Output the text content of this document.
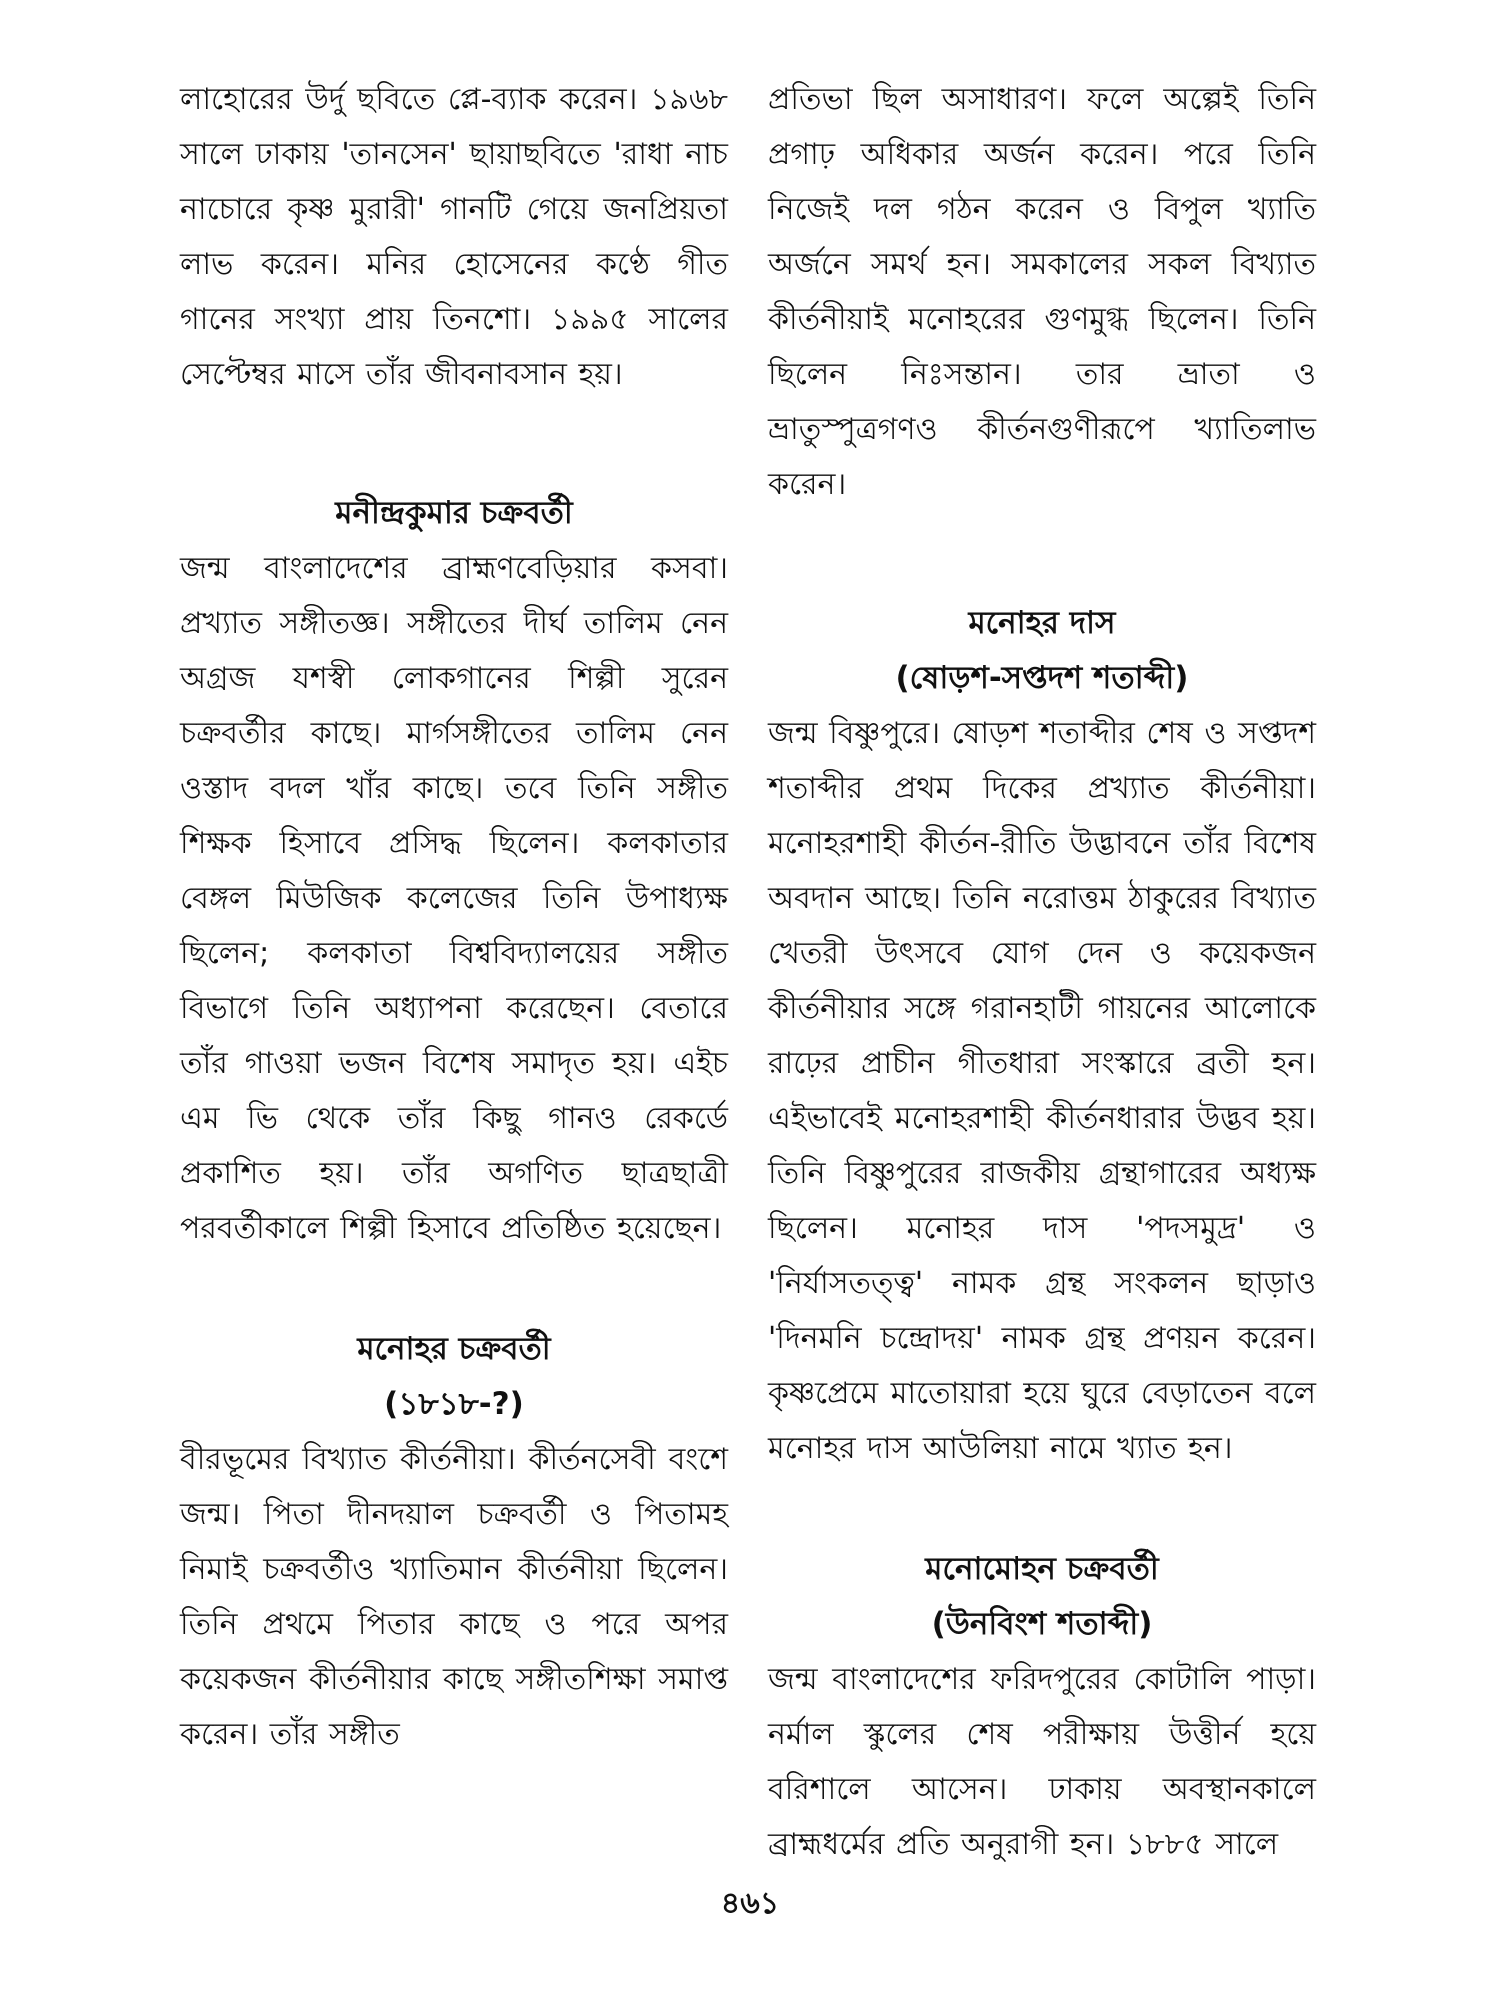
লাহোরের উর্দু ছবিতে প্লে-ব্যাক করেন। ১৯৬৮ সালে ঢাকায় 'তানসেন' ছায়াছবিতে 'রাধা নাচ নাচোরে কৃষ্ণ মুরারী' গানটি গেয়ে জনপ্রিয়তা লাভ করেন। মনির হোসেনের কণ্ঠে গীত গানের সংখ্যা প্রায় তিনশো। ১৯৯৫ সালের সেপ্টেম্বর মাসে তাঁর জীবনাবসান হয়।

মনীন্দ্রকুমার চক্রবর্তী

জন্ম বাংলাদেশের ব্রাহ্মণবেড়িয়ার কসবা। প্রখ্যাত সঙ্গীতজ্ঞ। সঙ্গীতের দীর্ঘ তালিম নেন অগ্রজ যশস্বী লোকগানের শিল্পী সুরেন চক্রবর্তীর কাছে। মার্গসঙ্গীতের তালিম নেন ওস্তাদ বদল খাঁর কাছে। তবে তিনি সঙ্গীত শিক্ষক হিসাবে প্রসিদ্ধ ছিলেন। কলকাতার বেঙ্গল মিউজিক কলেজের তিনি উপাধ্যক্ষ ছিলেন; কলকাতা বিশ্ববিদ্যালয়ের সঙ্গীত বিভাগে তিনি অধ্যাপনা করেছেন। বেতারে তাঁর গাওয়া ভজন বিশেষ সমাদৃত হয়। এইচ এম ভি থেকে তাঁর কিছু গানও রেকর্ডে প্রকাশিত হয়। তাঁর অগণিত ছাত্রছাত্রী পরবর্তীকালে শিল্পী হিসাবে প্রতিষ্ঠিত হয়েছেন।

মনোহর চক্রবর্তী
(১৮১৮-?)

বীরভূমের বিখ্যাত কীর্তনীয়া। কীর্তনসেবী বংশে জন্ম। পিতা দীনদয়াল চক্রবর্তী ও পিতামহ নিমাই চক্রবর্তীও খ্যাতিমান কীর্তনীয়া ছিলেন। তিনি প্রথমে পিতার কাছে ও পরে অপর কয়েকজন কীর্তনীয়ার কাছে সঙ্গীতশিক্ষা সমাপ্ত করেন। তাঁর সঙ্গীত

প্রতিভা ছিল অসাধারণ। ফলে অল্পেই তিনি প্রগাঢ় অধিকার অর্জন করেন। পরে তিনি নিজেই দল গঠন করেন ও বিপুল খ্যাতি অর্জনে সমর্থ হন। সমকালের সকল বিখ্যাত কীর্তনীয়াই মনোহরের গুণমুগ্ধ ছিলেন। তিনি ছিলেন নিঃসন্তান। তার ভ্রাতা ও ভ্রাতুস্পুত্রগণও কীর্তনগুণীরূপে খ্যাতিলাভ করেন।

মনোহর দাস
(ষোড়শ-সপ্তদশ শতাব্দী)

জন্ম বিষ্ণুপুরে। ষোড়শ শতাব্দীর শেষ ও সপ্তদশ শতাব্দীর প্রথম দিকের প্রখ্যাত কীর্তনীয়া। মনোহরশাহী কীর্তন-রীতি উদ্ভাবনে তাঁর বিশেষ অবদান আছে। তিনি নরোত্তম ঠাকুরের বিখ্যাত খেতরী উৎসবে যোগ দেন ও কয়েকজন কীর্তনীয়ার সঙ্গে গরানহাটী গায়নের আলোকে রাঢ়ের প্রাচীন গীতধারা সংস্কারে ব্রতী হন। এইভাবেই মনোহরশাহী কীর্তনধারার উদ্ভব হয়। তিনি বিষ্ণুপুরের রাজকীয় গ্রন্থাগারের অধ্যক্ষ ছিলেন। মনোহর দাস 'পদসমুদ্র' ও 'নির্যাসতত্ত্ব' নামক গ্রন্থ সংকলন ছাড়াও 'দিনমনি চন্দ্রোদয়' নামক গ্রন্থ প্রণয়ন করেন। কৃষ্ণপ্রেমে মাতোয়ারা হয়ে ঘুরে বেড়াতেন বলে মনোহর দাস আউলিয়া নামে খ্যাত হন।

মনোমোহন চক্রবর্তী
(উনবিংশ শতাব্দী)

জন্ম বাংলাদেশের ফরিদপুরের কোটালি পাড়া। নর্মাল স্কুলের শেষ পরীক্ষায় উত্তীর্ন হয়ে বরিশালে আসেন। ঢাকায় অবস্থানকালে ব্রাহ্মধর্মের প্রতি অনুরাগী হন। ১৮৮৫ সালে

৪৬১
